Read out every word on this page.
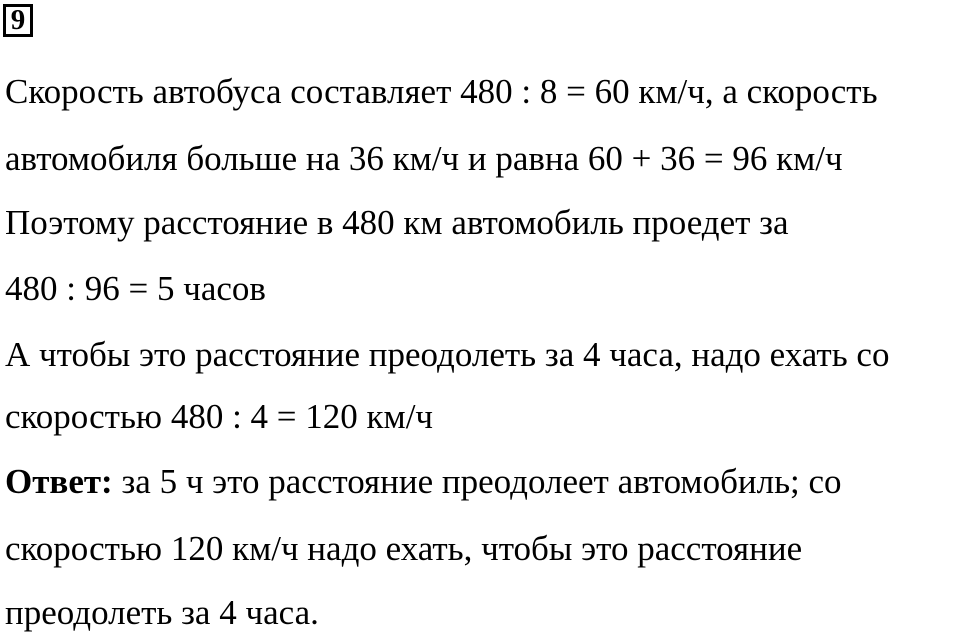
9
Скорость автобуса составляет 480 : 8 = 60 км/ч, а скорость
автомобиля больше на 36 км/ч и равна 60 + 36 = 96 км/ч
Поэтому расстояние в 480 км автомобиль проедет за
480 : 96 = 5 часов
А чтобы это расстояние преодолеть за 4 часа, надо ехать со
скоростью 480 : 4 = 120 км/ч
Ответ: за 5 ч это расстояние преодолеет автомобиль; со
скоростью 120 км/ч надо ехать, чтобы это расстояние
преодолеть за 4 часа.
